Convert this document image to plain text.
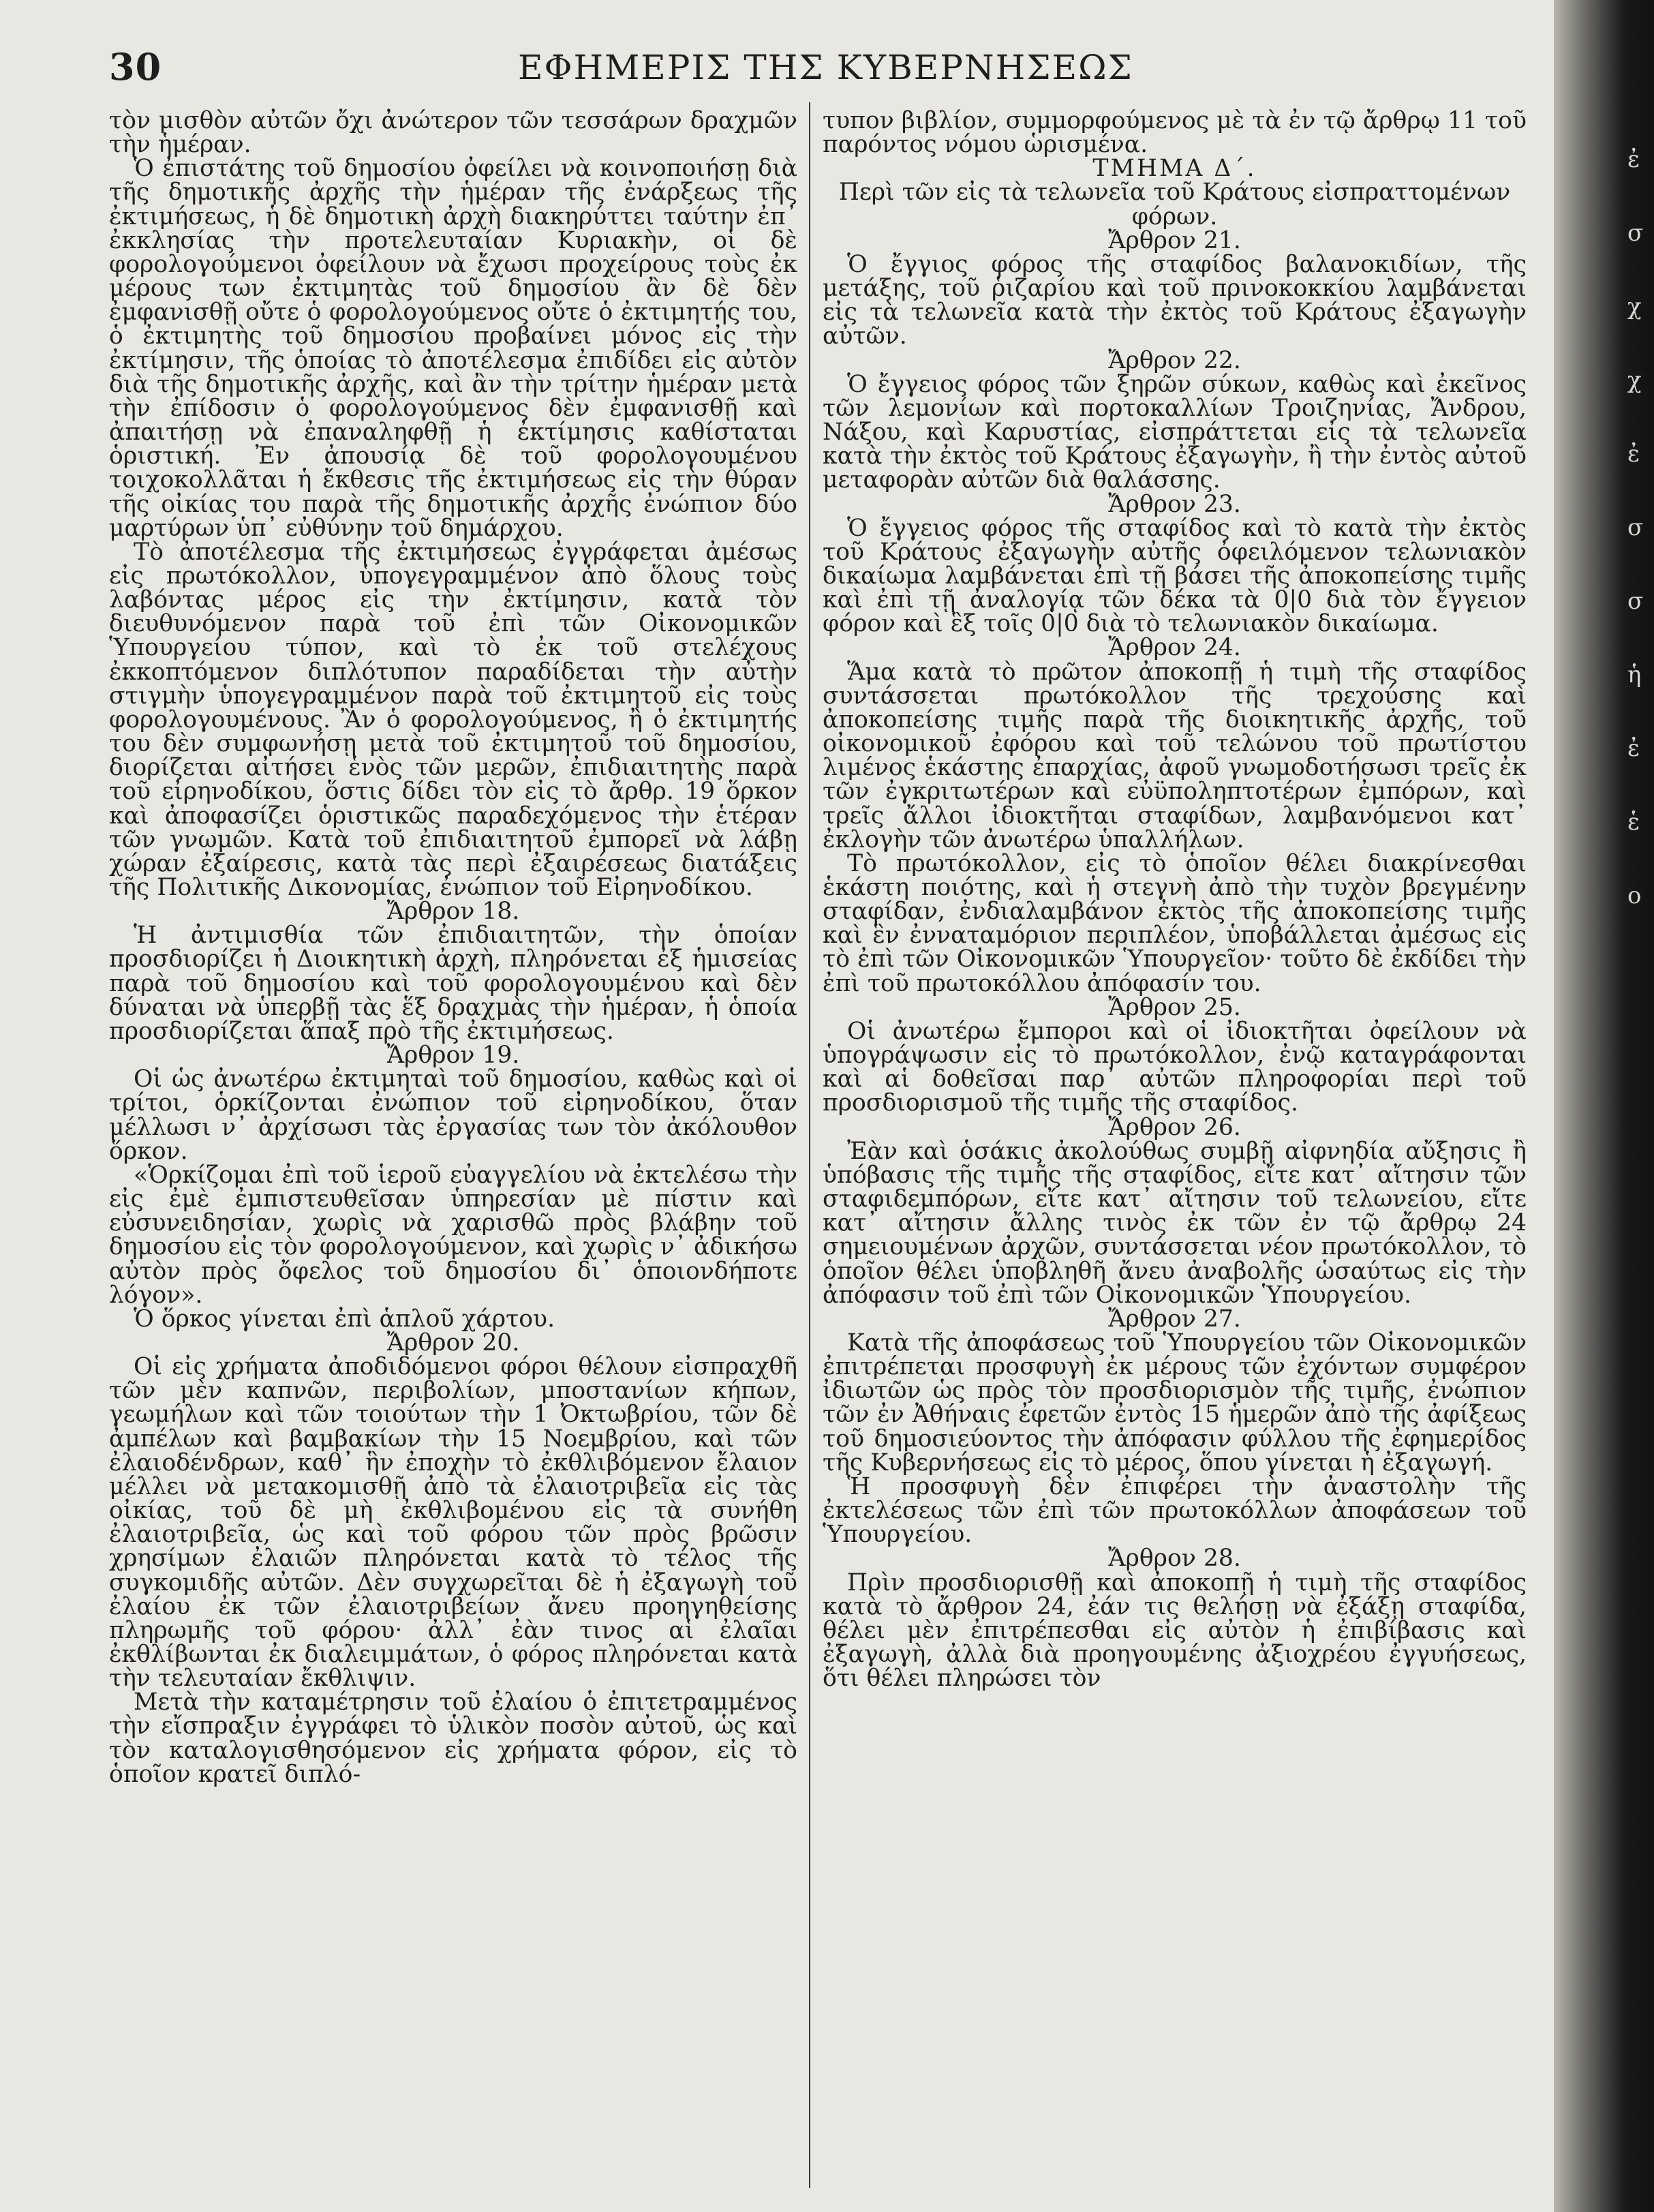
30	ΕΦΗΜΕΡΙΣ ΤΗΣ ΚΥΒΕΡΝΗΣΕΩΣ

τὸν μισθὸν αὐτῶν ὄχι ἀνώτερον τῶν τεσσάρων δραχμῶν τὴν ἡμέραν.

Ὁ ἐπιστάτης τοῦ δημοσίου ὀφείλει νὰ κοινοποιήσῃ διὰ τῆς δημοτικῆς ἀρχῆς τὴν ἡμέραν τῆς ἐνάρξεως τῆς ἐκτιμήσεως, ἡ δὲ δημοτικὴ ἀρχὴ διακηρύττει ταύτην ἐπ᾽ ἐκκλησίας τὴν προτελευταίαν Κυριακὴν, οἱ δὲ φορολογούμενοι ὀφείλουν νὰ ἔχωσι προχείρους τοὺς ἐκ μέρους των ἐκτιμητὰς τοῦ δημοσίου ἂν δὲ δὲν ἐμφανισθῇ οὔτε ὁ φορολογούμενος οὔτε ὁ ἐκτιμητής του, ὁ ἐκτιμητὴς τοῦ δημοσίου προβαίνει μόνος εἰς τὴν ἐκτίμησιν, τῆς ὁποίας τὸ ἀποτέλεσμα ἐπιδίδει εἰς αὐτὸν διὰ τῆς δημοτικῆς ἀρχῆς, καὶ ἂν τὴν τρίτην ἡμέραν μετὰ τὴν ἐπίδοσιν ὁ φορολογούμενος δὲν ἐμφανισθῇ καὶ ἀπαιτήσῃ νὰ ἐπαναληφθῇ ἡ ἐκτίμησις καθίσταται ὁριστική. Ἐν ἀπουσίᾳ δὲ τοῦ φορολογουμένου τοιχοκολλᾶται ἡ ἔκθεσις τῆς ἐκτιμήσεως εἰς τὴν θύραν τῆς οἰκίας του παρὰ τῆς δημοτικῆς ἀρχῆς ἐνώπιον δύο μαρτύρων ὑπ᾽ εὐθύνην τοῦ δημάρχου.

Τὸ ἀποτέλεσμα τῆς ἐκτιμήσεως ἐγγράφεται ἀμέσως εἰς πρωτόκολλον, ὑπογεγραμμένον ἀπὸ ὅλους τοὺς λαβόντας μέρος εἰς τὴν ἐκτίμησιν, κατὰ τὸν διευθυνόμενον παρὰ τοῦ ἐπὶ τῶν Οἰκονομικῶν Ὑπουργείου τύπον, καὶ τὸ ἐκ τοῦ στελέχους ἐκκοπτόμενον διπλότυπον παραδίδεται τὴν αὐτὴν στιγμὴν ὑπογεγραμμένον παρὰ τοῦ ἐκτιμητοῦ εἰς τοὺς φορολογουμένους. Ἂν ὁ φορολογούμενος, ἢ ὁ ἐκτιμητής του δὲν συμφωνήσῃ μετὰ τοῦ ἐκτιμητοῦ τοῦ δημοσίου, διορίζεται αἰτήσει ἑνὸς τῶν μερῶν, ἐπιδιαιτητὴς παρὰ τοῦ εἰρηνοδίκου, ὅστις δίδει τὸν εἰς τὸ ἄρθρ. 19 ὅρκον καὶ ἀποφασίζει ὁριστικῶς παραδεχόμενος τὴν ἑτέραν τῶν γνωμῶν. Κατὰ τοῦ ἐπιδιαιτητοῦ ἐμπορεῖ νὰ λάβῃ χώραν ἐξαίρεσις, κατὰ τὰς περὶ ἐξαιρέσεως διατάξεις τῆς Πολιτικῆς Δικονομίας, ἐνώπιον τοῦ Εἰρηνοδίκου.

Ἄρθρον 18.

Ἡ ἀντιμισθία τῶν ἐπιδιαιτητῶν, τὴν ὁποίαν προσδιορίζει ἡ Διοικητικὴ ἀρχὴ, πληρόνεται ἐξ ἡμισείας παρὰ τοῦ δημοσίου καὶ τοῦ φορολογουμένου καὶ δὲν δύναται νὰ ὑπερβῇ τὰς ἕξ δραχμὰς τὴν ἡμέραν, ἡ ὁποία προσδιορίζεται ἅπαξ πρὸ τῆς ἐκτιμήσεως.

Ἄρθρον 19.

Οἱ ὡς ἀνωτέρω ἐκτιμηταὶ τοῦ δημοσίου, καθὼς καὶ οἱ τρίτοι, ὁρκίζονται ἐνώπιον τοῦ εἰρηνοδίκου, ὅταν μέλλωσι ν᾽ ἀρχίσωσι τὰς ἐργασίας των τὸν ἀκόλουθον ὅρκον.

«Ὁρκίζομαι ἐπὶ τοῦ ἱεροῦ εὐαγγελίου νὰ ἐκτελέσω τὴν εἰς ἐμὲ ἐμπιστευθεῖσαν ὑπηρεσίαν μὲ πίστιν καὶ εὐσυνειδησίαν, χωρὶς νὰ χαρισθῶ πρὸς βλάβην τοῦ δημοσίου εἰς τὸν φορολογούμενον, καὶ χωρὶς ν᾽ ἀδικήσω αὐτὸν πρὸς ὄφελος τοῦ δημοσίου δι᾽ ὁποιονδήποτε λόγον».

Ὁ ὅρκος γίνεται ἐπὶ ἁπλοῦ χάρτου.

Ἄρθρον 20.

Οἱ εἰς χρήματα ἀποδιδόμενοι φόροι θέλουν εἰσπραχθῆ τῶν μὲν καπνῶν, περιβολίων, μποστανίων κήπων, γεωμήλων καὶ τῶν τοιούτων τὴν 1 Ὀκτωβρίου, τῶν δὲ ἀμπέλων καὶ βαμβακίων τὴν 15 Νοεμβρίου, καὶ τῶν ἐλαιοδένδρων, καθ᾽ ἣν ἐποχὴν τὸ ἐκθλιβόμενον ἔλαιον μέλλει νὰ μετακομισθῇ ἀπὸ τὰ ἐλαιοτριβεῖα εἰς τὰς οἰκίας, τοῦ δὲ μὴ ἐκθλιβομένου εἰς τὰ συνήθη ἐλαιοτριβεῖα, ὡς καὶ τοῦ φόρου τῶν πρὸς βρῶσιν χρησίμων ἐλαιῶν πληρόνεται κατὰ τὸ τέλος τῆς συγκομιδῆς αὐτῶν. Δὲν συγχωρεῖται δὲ ἡ ἐξαγωγὴ τοῦ ἐλαίου ἐκ τῶν ἐλαιοτριβείων ἄνευ προηγηθείσης πληρωμῆς τοῦ φόρου· ἀλλ᾽ ἐὰν τινος αἱ ἐλαῖαι ἐκθλίβωνται ἐκ διαλειμμάτων, ὁ φόρος πληρόνεται κατὰ τὴν τελευταίαν ἔκθλιψιν.

Μετὰ τὴν καταμέτρησιν τοῦ ἐλαίου ὁ ἐπιτετραμμένος τὴν εἴσπραξιν ἐγγράφει τὸ ὑλικὸν ποσὸν αὐτοῦ, ὡς καὶ τὸν καταλογισθησόμενον εἰς χρήματα φόρον, εἰς τὸ ὁποῖον κρατεῖ διπλό-

τυπον βιβλίον, συμμορφούμενος μὲ τὰ ἐν τῷ ἄρθρῳ 11 τοῦ παρόντος νόμου ὡρισμένα.

ΤΜΗΜΑ Δ΄.

Περὶ τῶν εἰς τὰ τελωνεῖα τοῦ Κράτους εἰσπραττομένων φόρων.

Ἄρθρον 21.

Ὁ ἔγγιος φόρος τῆς σταφίδος βαλανοκιδίων, τῆς μετάξης, τοῦ ῥιζαρίου καὶ τοῦ πρινοκοκκίου λαμβάνεται εἰς τὰ τελωνεῖα κατὰ τὴν ἐκτὸς τοῦ Κράτους ἐξαγωγὴν αὐτῶν.

Ἄρθρον 22.

Ὁ ἔγγειος φόρος τῶν ξηρῶν σύκων, καθὼς καὶ ἐκεῖνος τῶν λεμονίων καὶ πορτοκαλλίων Τροιζηνίας, Ἄνδρου, Νάξου, καὶ Καρυστίας, εἰσπράττεται εἰς τὰ τελωνεῖα κατὰ τὴν ἐκτὸς τοῦ Κράτους ἐξαγωγὴν, ἢ τὴν ἐντὸς αὐτοῦ μεταφορὰν αὐτῶν διὰ θαλάσσης.

Ἄρθρον 23.

Ὁ ἔγγειος φόρος τῆς σταφίδος καὶ τὸ κατὰ τὴν ἐκτὸς τοῦ Κράτους ἐξαγωγὴν αὐτῆς ὀφειλόμενον τελωνιακὸν δικαίωμα λαμβάνεται ἐπὶ τῇ βάσει τῆς ἀποκοπείσης τιμῆς καὶ ἐπὶ τῇ ἀναλογίᾳ τῶν δέκα τὰ 0|0 διὰ τὸν ἔγγειον φόρον καὶ ἓξ τοῖς 0|0 διὰ τὸ τελωνιακὸν δικαίωμα.

Ἄρθρον 24.

Ἅμα κατὰ τὸ πρῶτον ἀποκοπῇ ἡ τιμὴ τῆς σταφίδος συντάσσεται πρωτόκολλον τῆς τρεχούσης καὶ ἀποκοπείσης τιμῆς παρὰ τῆς διοικητικῆς ἀρχῆς, τοῦ οἰκονομικοῦ ἐφόρου καὶ τοῦ τελώνου τοῦ πρωτίστου λιμένος ἑκάστης ἐπαρχίας, ἀφοῦ γνωμοδοτήσωσι τρεῖς ἐκ τῶν ἐγκριτωτέρων καὶ εὐϋποληπτοτέρων ἐμπόρων, καὶ τρεῖς ἄλλοι ἰδιοκτῆται σταφίδων, λαμβανόμενοι κατ᾽ ἐκλογὴν τῶν ἀνωτέρω ὑπαλλήλων.

Τὸ πρωτόκολλον, εἰς τὸ ὁποῖον θέλει διακρίνεσθαι ἑκάστη ποιότης, καὶ ἡ στεγνὴ ἀπὸ τὴν τυχὸν βρεγμένην σταφίδαν, ἐνδιαλαμβάνον ἐκτὸς τῆς ἀποκοπείσης τιμῆς καὶ ἓν ἐνναταμόριον περιπλέον, ὑποβάλλεται ἀμέσως εἰς τὸ ἐπὶ τῶν Οἰκονομικῶν Ὑπουργεῖον· τοῦτο δὲ ἐκδίδει τὴν ἐπὶ τοῦ πρωτοκόλλου ἀπόφασίν του.

Ἄρθρον 25.

Οἱ ἀνωτέρω ἔμποροι καὶ οἱ ἰδιοκτῆται ὀφείλουν νὰ ὑπογράψωσιν εἰς τὸ πρωτόκολλον, ἐνῷ καταγράφονται καὶ αἱ δοθεῖσαι παρ᾽ αὐτῶν πληροφορίαι περὶ τοῦ προσδιορισμοῦ τῆς τιμῆς τῆς σταφίδος.

Ἄρθρον 26.

Ἐὰν καὶ ὁσάκις ἀκολούθως συμβῇ αἰφνηδία αὔξησις ἢ ὑπόβασις τῆς τιμῆς τῆς σταφίδος, εἴτε κατ᾽ αἴτησιν τῶν σταφιδεμπόρων, εἴτε κατ᾽ αἴτησιν τοῦ τελωνείου, εἴτε κατ᾽ αἴτησιν ἄλλης τινὸς ἐκ τῶν ἐν τῷ ἄρθρῳ 24 σημειουμένων ἀρχῶν, συντάσσεται νέον πρωτόκολλον, τὸ ὁποῖον θέλει ὑποβληθῆ ἄνευ ἀναβολῆς ὡσαύτως εἰς τὴν ἀπόφασιν τοῦ ἐπὶ τῶν Οἰκονομικῶν Ὑπουργείου.

Ἄρθρον 27.

Κατὰ τῆς ἀποφάσεως τοῦ Ὑπουργείου τῶν Οἰκονομικῶν ἐπιτρέπεται προσφυγὴ ἐκ μέρους τῶν ἐχόντων συμφέρον ἰδιωτῶν ὡς πρὸς τὸν προσδιορισμὸν τῆς τιμῆς, ἐνώπιον τῶν ἐν Ἀθήναις ἐφετῶν ἐντὸς 15 ἡμερῶν ἀπὸ τῆς ἀφίξεως τοῦ δημοσιεύοντος τὴν ἀπόφασιν φύλλου τῆς ἐφημερίδος τῆς Κυβερνήσεως εἰς τὸ μέρος, ὅπου γίνεται ἡ ἐξαγωγή.

Ἡ προσφυγὴ δὲν ἐπιφέρει τὴν ἀναστολὴν τῆς ἐκτελέσεως τῶν ἐπὶ τῶν πρωτοκόλλων ἀποφάσεων τοῦ Ὑπουργείου.

Ἄρθρον 28.

Πρὶν προσδιορισθῇ καὶ ἀποκοπῇ ἡ τιμὴ τῆς σταφίδος κατὰ τὸ ἄρθρον 24, ἐάν τις θελήσῃ νὰ ἐξάξῃ σταφίδα, θέλει μὲν ἐπιτρέπεσθαι εἰς αὐτὸν ἡ ἐπιβίβασις καὶ ἐξαγωγὴ, ἀλλὰ διὰ προηγουμένης ἀξιοχρέου ἐγγυήσεως, ὅτι θέλει πληρώσει τὸν

ἐ
σ
χ
χ
ἐ
σ
σ
ἡ
ἐ
ἑ
ο
